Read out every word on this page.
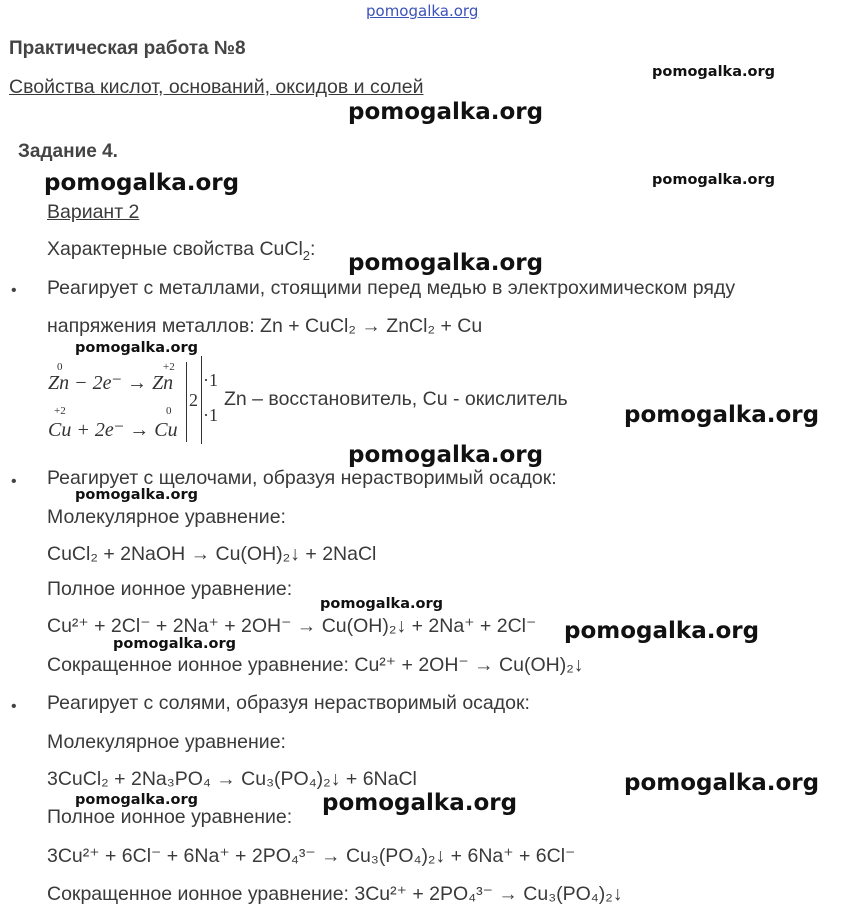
pomogalka.org
Практическая работа №8
Свойства кислот, оснований, оксидов и солей
Задание 4.
Вариант 2
Характерные свойства CuCl$_2$:
• Реагирует с металлами, стоящими перед медью в электрохимическом ряду
напряжения металлов: Zn + CuCl₂ → ZnCl₂ + Cu
0	+2
Zn − 2e⁻ → Zn
+2	0
Cu + 2e⁻ → Cu
2
·1
·1
Zn – восстановитель, Cu - окислитель
• Реагирует с щелочами, образуя нерастворимый осадок:
Молекулярное уравнение:
CuCl₂ + 2NaOH → Cu(OH)₂↓ + 2NaCl
Полное ионное уравнение:
Cu²⁺ + 2Cl⁻ + 2Na⁺ + 2OH⁻ → Cu(OH)₂↓ + 2Na⁺ + 2Cl⁻
Сокращенное ионное уравнение: Cu²⁺ + 2OH⁻ → Cu(OH)₂↓
• Реагирует с солями, образуя нерастворимый осадок:
Молекулярное уравнение:
3CuCl₂ + 2Na₃PO₄ → Cu₃(PO₄)₂↓ + 6NaCl
Полное ионное уравнение:
3Cu²⁺ + 6Cl⁻ + 6Na⁺ + 2PO₄³⁻ → Cu₃(PO₄)₂↓ + 6Na⁺ + 6Cl⁻
Сокращенное ионное уравнение: 3Cu²⁺ + 2PO₄³⁻ → Cu₃(PO₄)₂↓
pomogalka.org
pomogalka.org
pomogalka.org	pomogalka.org
pomogalka.org
pomogalka.org
pomogalka.org
pomogalka.org
pomogalka.org
pomogalka.org
pomogalka.org
pomogalka.org
pomogalka.org
pomogalka.org	pomogalka.org
